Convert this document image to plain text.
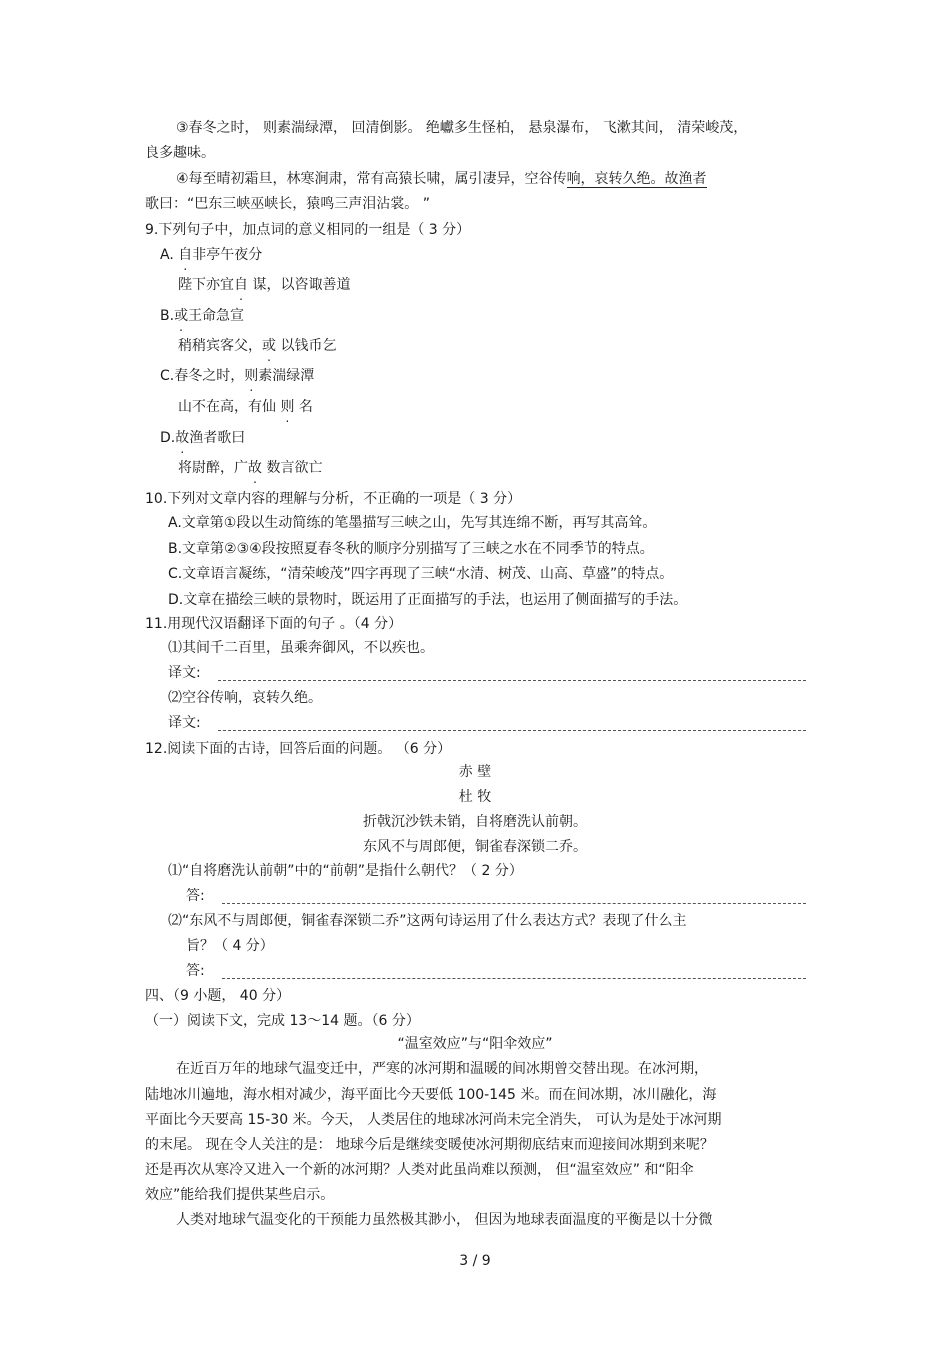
③春冬之时， 则素湍绿潭， 回清倒影。 绝巘多生怪柏， 悬泉瀑布， 飞漱其间， 清荣峻茂，
良多趣味。
④每至晴初霜旦，林寒涧肃，常有高猿长啸，属引凄异，空谷传响，哀转久绝。故渔者
歌曰：“巴东三峡巫峡长，猿鸣三声泪沾裳。 ”
9.下列句子中，加点词的意义相同的一组是（ 3 分）
A. 自非亭午夜分
陛下亦宜自 谋，以咨诹善道
B.或王命急宣
稍稍宾客父，或 以钱币乞
C.春冬之时，则素湍绿潭
山不在高，有仙 则 名
D.故渔者歌曰
将尉醉，广故 数言欲亡
10.下列对文章内容的理解与分析，不正确的一项是（ 3 分）
A.文章第①段以生动简练的笔墨描写三峡之山，先写其连绵不断，再写其高耸。
B.文章第②③④段按照夏春冬秋的顺序分别描写了三峡之水在不同季节的特点。
C.文章语言凝练，“清荣峻茂”四字再现了三峡“水清、树茂、山高、草盛”的特点。
D.文章在描绘三峡的景物时，既运用了正面描写的手法，也运用了侧面描写的手法。
11.用现代汉语翻译下面的句子 。（4 分）
⑴其间千二百里，虽乘奔御风，不以疾也。
译文:
⑵空谷传响，哀转久绝。
译文:
12.阅读下面的古诗，回答后面的问题。 （6 分）
赤 壁
杜 牧
折戟沉沙铁未销，自将磨洗认前朝。
东风不与周郎便，铜雀春深锁二乔。
⑴“自将磨洗认前朝”中的“前朝”是指什么朝代？（ 2 分）
答:
⑵“东风不与周郎便，铜雀春深锁二乔”这两句诗运用了什么表达方式？表现了什么主
旨？（ 4 分）
答:
四、（9 小题， 40 分）
（一）阅读下文，完成 13～14 题。（6 分）
“温室效应”与“阳伞效应”
在近百万年的地球气温变迁中，严寒的冰河期和温暖的间冰期曾交替出现。在冰河期，
陆地冰川遍地，海水相对减少，海平面比今天要低 100-145 米。而在间冰期，冰川融化，海
平面比今天要高 15-30 米。今天， 人类居住的地球冰河尚未完全消失， 可认为是处于冰河期
的末尾。 现在令人关注的是： 地球今后是继续变暖使冰河期彻底结束而迎接间冰期到来呢？
还是再次从寒冷又进入一个新的冰河期？人类对此虽尚难以预测， 但“温室效应” 和“阳伞
效应”能给我们提供某些启示。
人类对地球气温变化的干预能力虽然极其渺小， 但因为地球表面温度的平衡是以十分微
3 / 9
